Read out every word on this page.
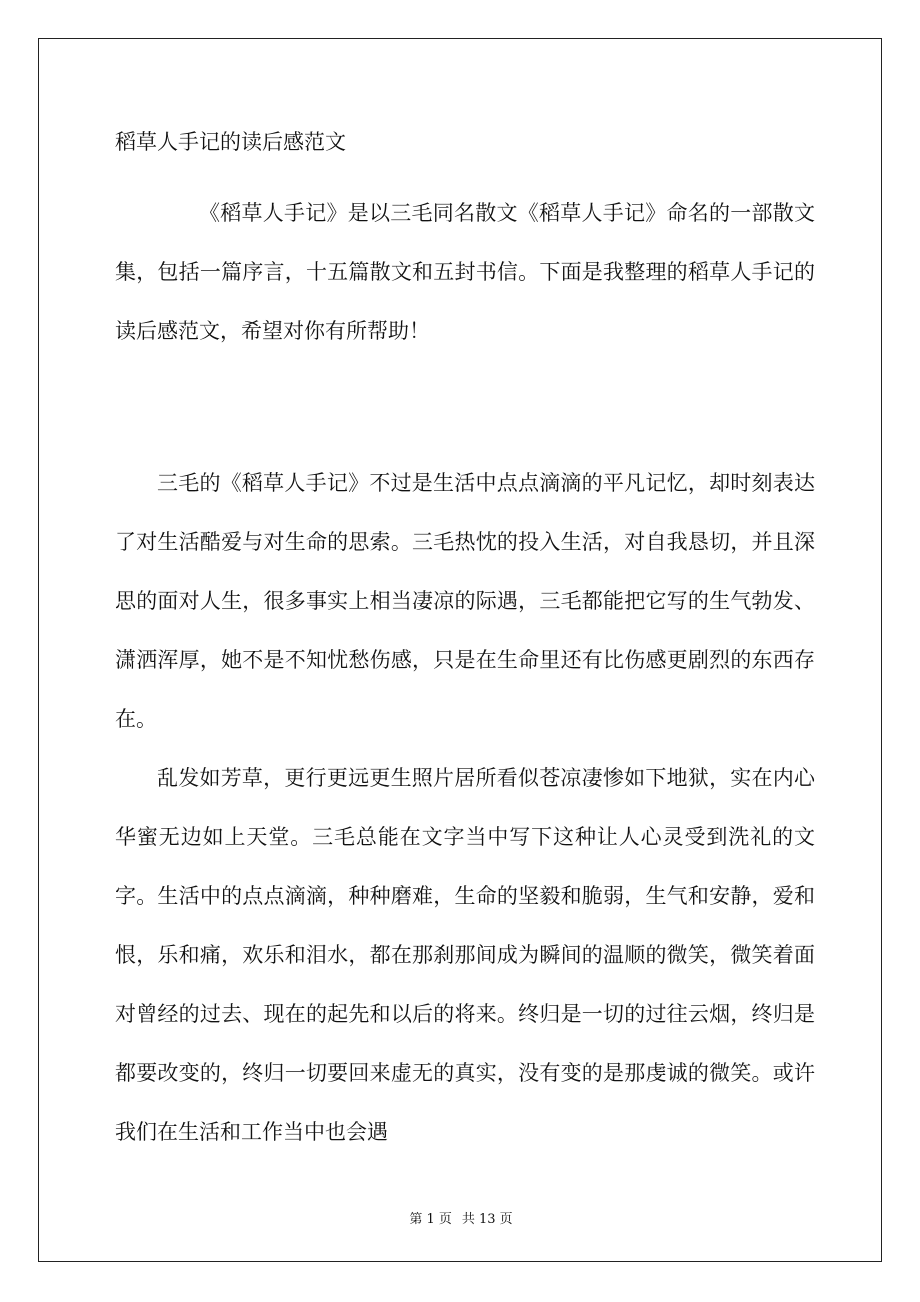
稻草人手记的读后感范文

《稻草人手记》是以三毛同名散文《稻草人手记》命名的一部散文集，包括一篇序言，十五篇散文和五封书信。下面是我整理的稻草人手记的读后感范文，希望对你有所帮助！

三毛的《稻草人手记》不过是生活中点点滴滴的平凡记忆，却时刻表达了对生活酷爱与对生命的思索。三毛热忱的投入生活，对自我恳切，并且深思的面对人生，很多事实上相当凄凉的际遇，三毛都能把它写的生气勃发、潇洒浑厚，她不是不知忧愁伤感，只是在生命里还有比伤感更剧烈的东西存在。

乱发如芳草，更行更远更生照片居所看似苍凉凄惨如下地狱，实在内心华蜜无边如上天堂。三毛总能在文字当中写下这种让人心灵受到洗礼的文字。生活中的点点滴滴，种种磨难，生命的坚毅和脆弱，生气和安静，爱和恨，乐和痛，欢乐和泪水，都在那刹那间成为瞬间的温顺的微笑，微笑着面对曾经的过去、现在的起先和以后的将来。终归是一切的过往云烟，终归是都要改变的，终归一切要回来虚无的真实，没有变的是那虔诚的微笑。或许我们在生活和工作当中也会遇

第 1 页 共 13 页
